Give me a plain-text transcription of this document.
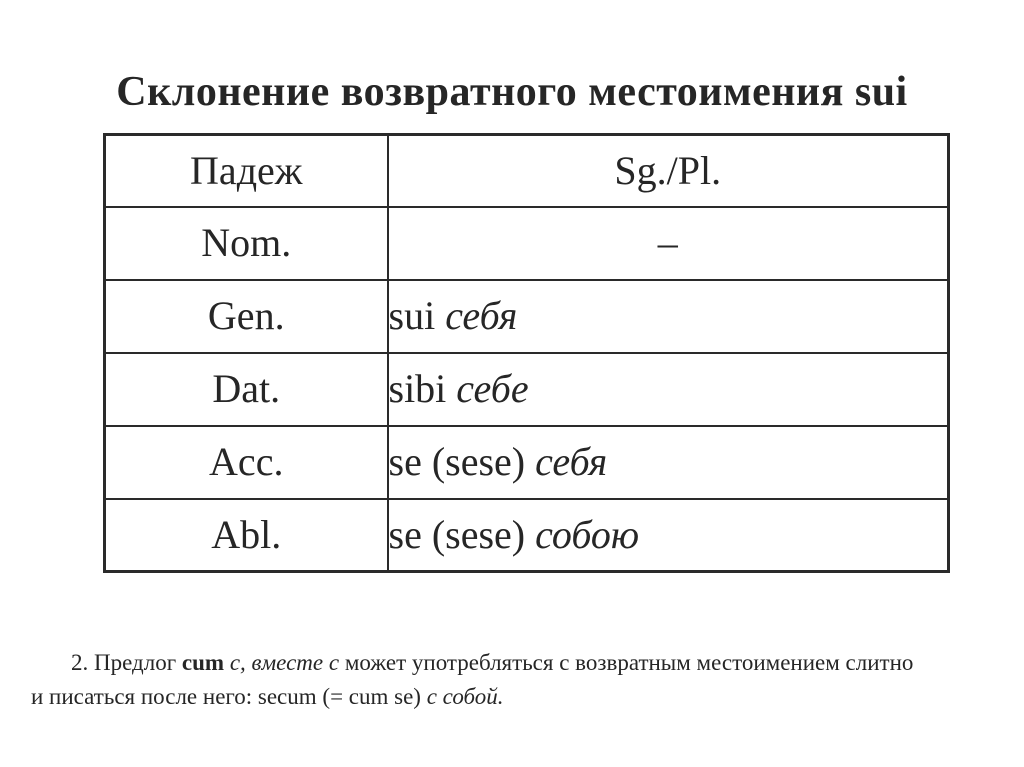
Склонение возвратного местоимения sui
Падеж	Sg./Pl.
Nom.	–
Gen.	sui себя
Dat.	sibi себе
Acc.	se (sese) себя
Abl.	se (sese) собою
2. Предлог cum с, вместе с может употребляться с возвратным местоимением слитно
и писаться после него: secum (= cum se) с собой.
